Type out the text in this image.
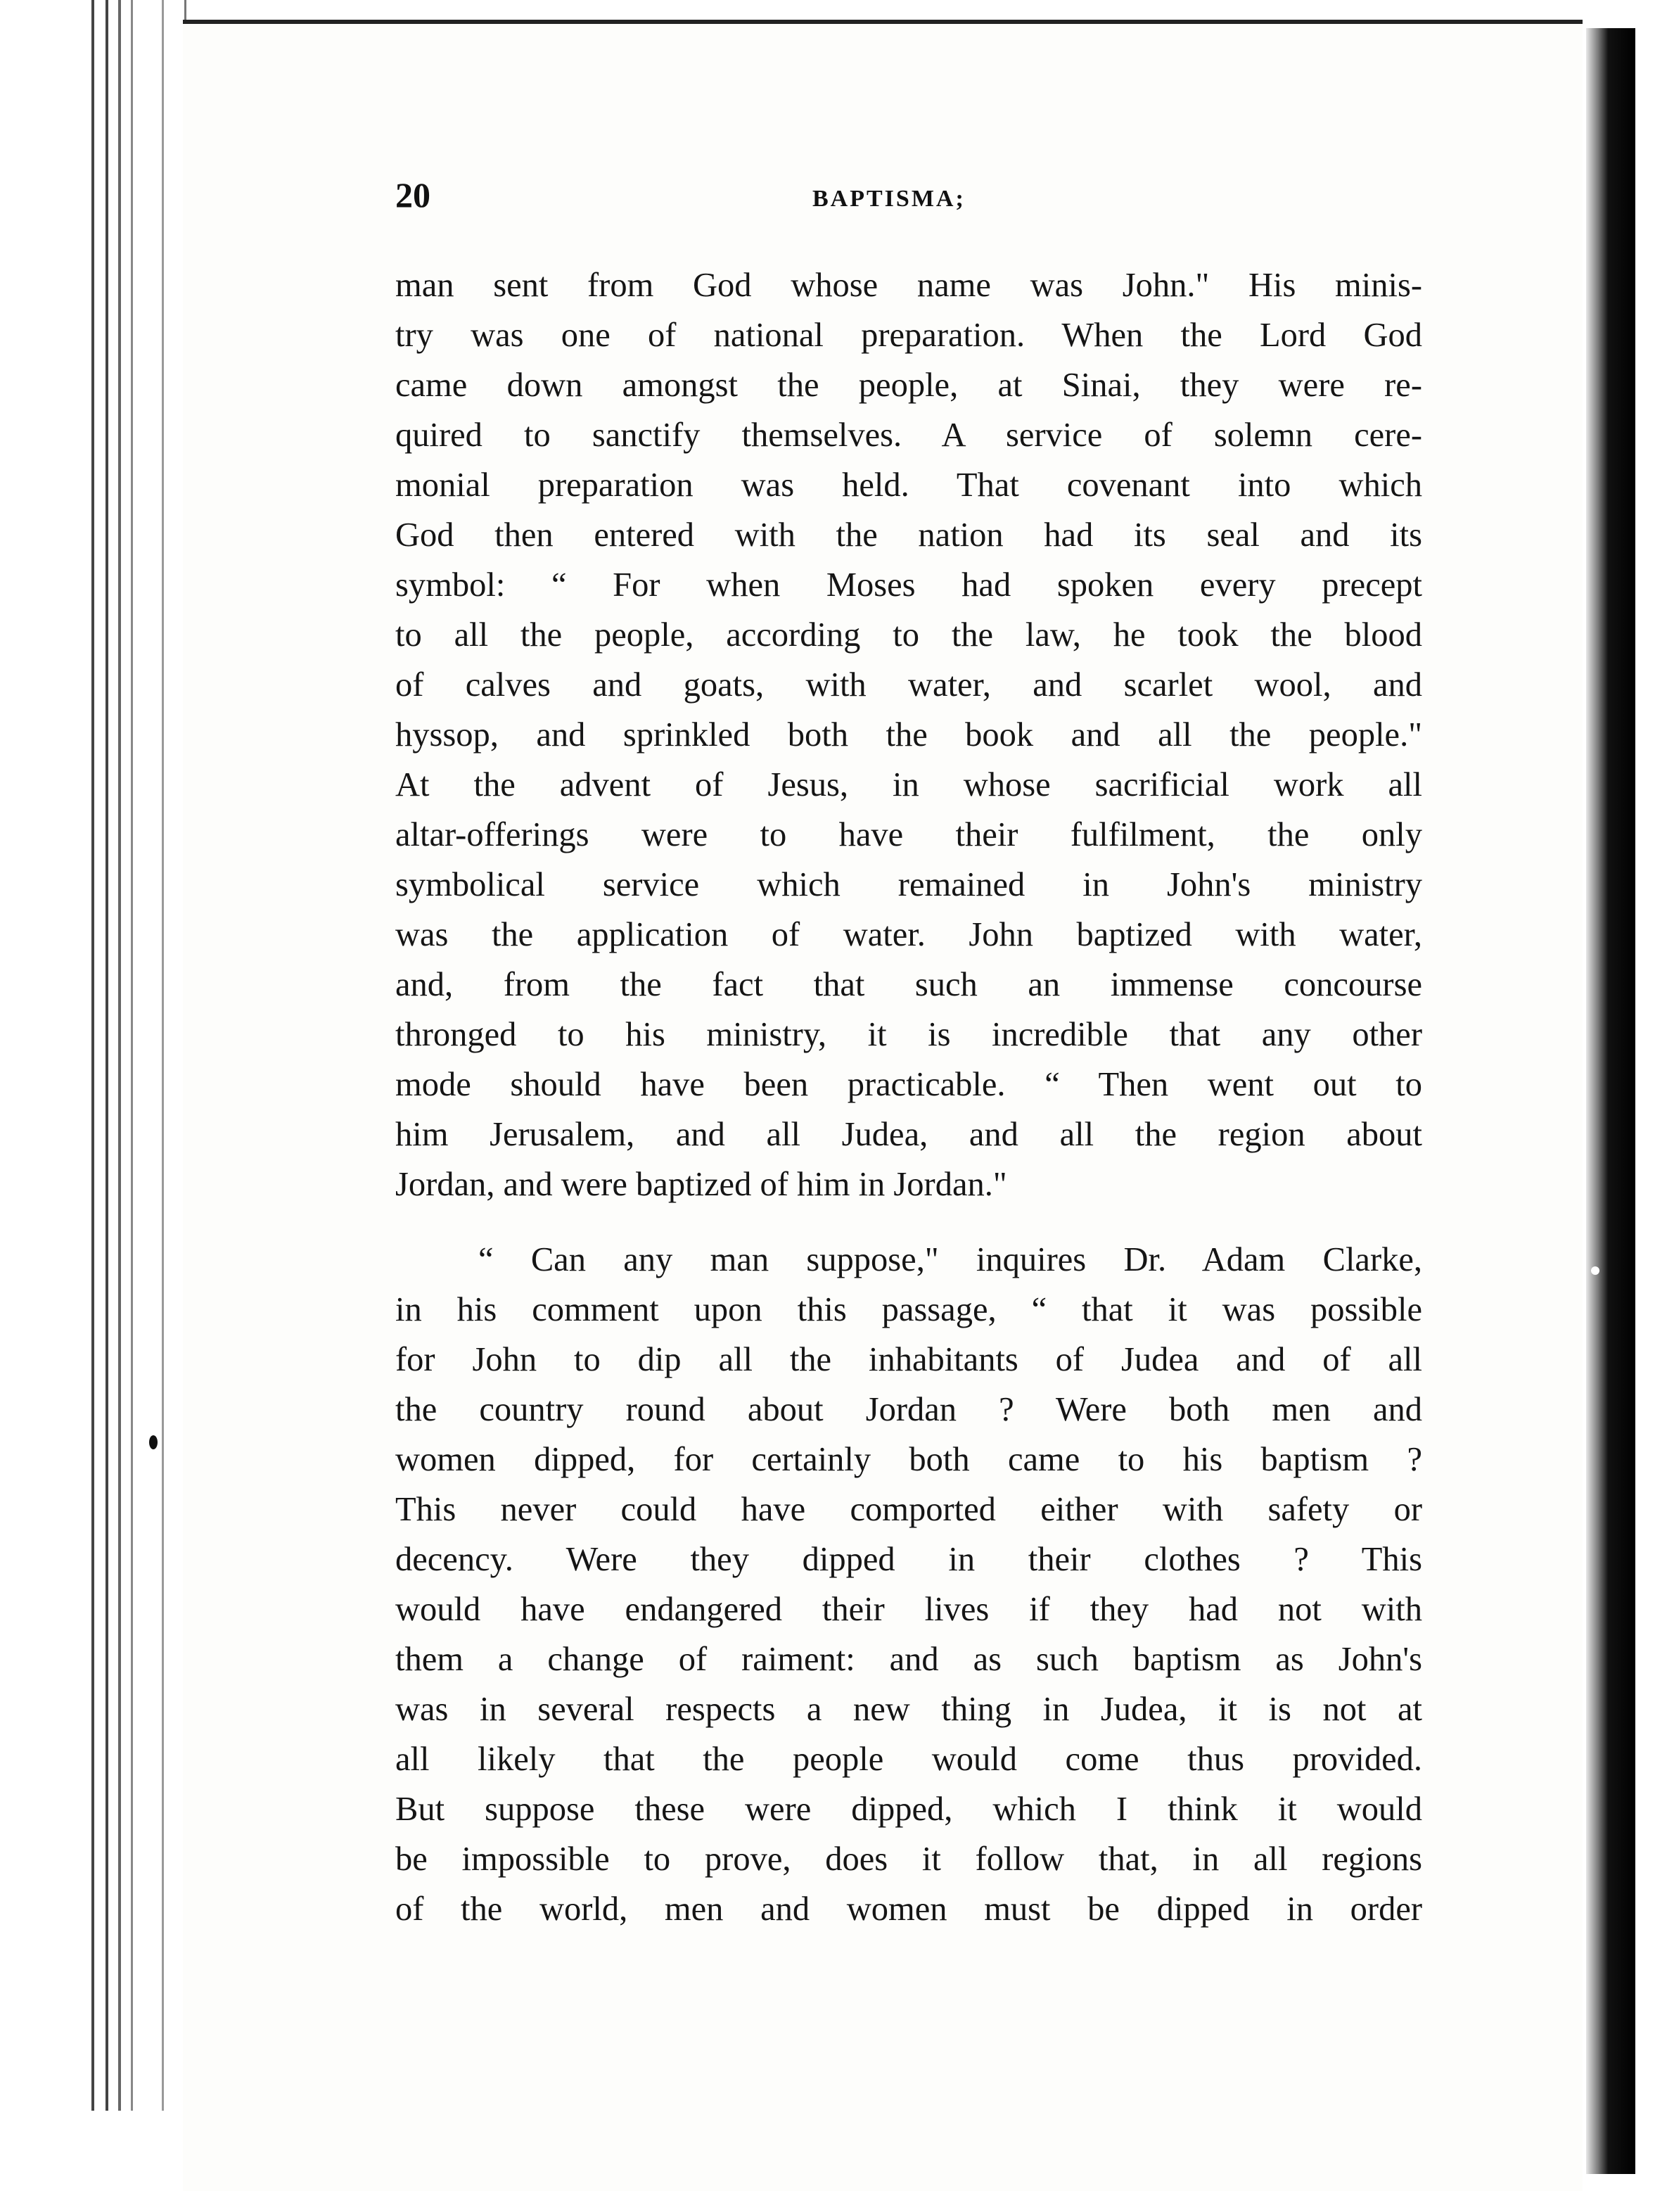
20	BAPTISMA;
man sent from God whose name was John." His minis-
try was one of national preparation. When the Lord God
came down amongst the people, at Sinai, they were re-
quired to sanctify themselves. A service of solemn cere-
monial preparation was held. That covenant into which
God then entered with the nation had its seal and its
symbol: “ For when Moses had spoken every precept
to all the people, according to the law, he took the blood
of calves and goats, with water, and scarlet wool, and
hyssop, and sprinkled both the book and all the people."
At the advent of Jesus, in whose sacrificial work all
altar-offerings were to have their fulfilment, the only
symbolical service which remained in John's ministry
was the application of water. John baptized with water,
and, from the fact that such an immense concourse
thronged to his ministry, it is incredible that any other
mode should have been practicable. “ Then went out to
him Jerusalem, and all Judea, and all the region about
Jordan, and were baptized of him in Jordan."
“ Can any man suppose," inquires Dr. Adam Clarke,
in his comment upon this passage, “ that it was possible
for John to dip all the inhabitants of Judea and of all
the country round about Jordan ? Were both men and
women dipped, for certainly both came to his baptism ?
This never could have comported either with safety or
decency. Were they dipped in their clothes ? This
would have endangered their lives if they had not with
them a change of raiment: and as such baptism as John's
was in several respects a new thing in Judea, it is not at
all likely that the people would come thus provided.
But suppose these were dipped, which I think it would
be impossible to prove, does it follow that, in all regions
of the world, men and women must be dipped in order
